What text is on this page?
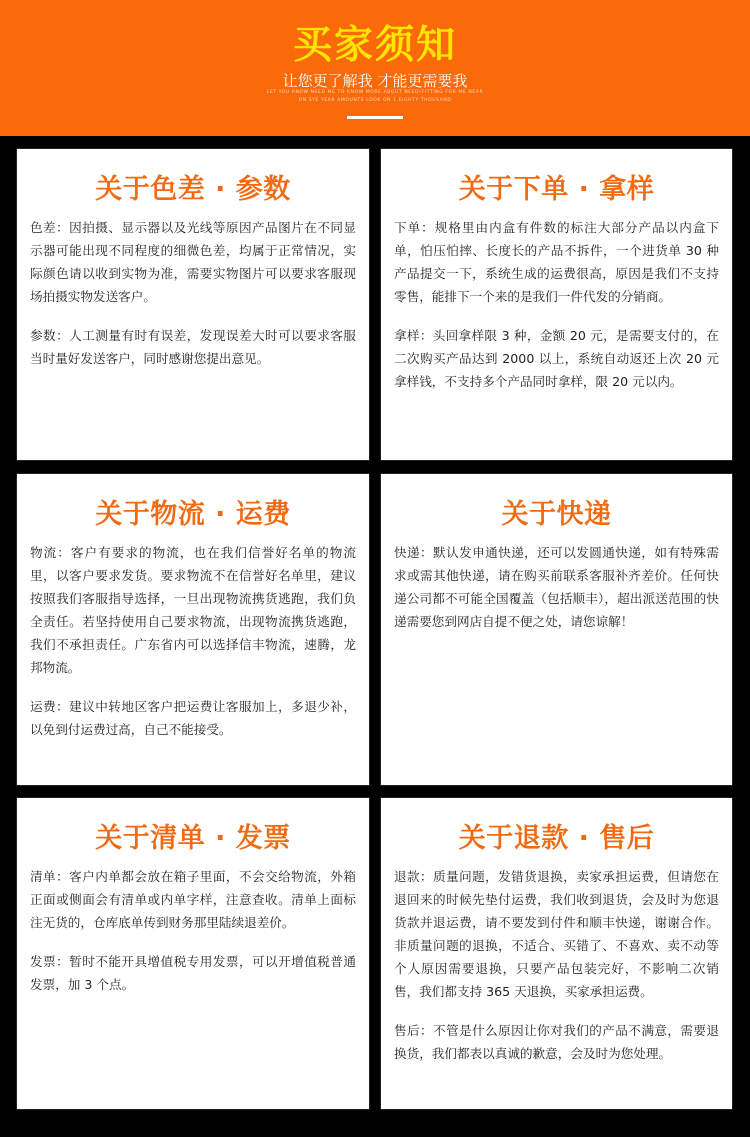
买家须知
让您更了解我 才能更需要我
LET YOU KNOW NEED ME TO KNOW MORE ABOUT NEED(FITTING FOR ME NEAR
ON SYE YEAR AMOUNTS LOOK ON 1 EIGHTY THOUSAND
关于色差 · 参数

色差：因拍摄、显示器以及光线等原因产品图片在不同显示器可能出现不同程度的细微色差，均属于正常情况，实际颜色请以收到实物为准，需要实物图片可以要求客服现场拍摄实物发送客户。

参数：人工测量有时有误差，发现误差大时可以要求客服当时量好发送客户，同时感谢您提出意见。

关于下单 · 拿样

下单：规格里由内盒有件数的标注大部分产品以内盒下单，怕压怕摔、长度长的产品不拆件，一个进货单 30 种产品提交一下，系统生成的运费很高，原因是我们不支持零售，能排下一个来的是我们一件代发的分销商。

拿样：头回拿样限 3 种，金额 20 元，是需要支付的，在二次购买产品达到 2000 以上，系统自动返还上次 20 元拿样钱，不支持多个产品同时拿样，限 20 元以内。

关于物流 · 运费

物流：客户有要求的物流，也在我们信誉好名单的物流里，以客户要求发货。要求物流不在信誉好名单里，建议按照我们客服指导选择，一旦出现物流携货逃跑，我们负全责任。若坚持使用自己要求物流，出现物流携货逃跑，我们不承担责任。广东省内可以选择信丰物流，速腾，龙邦物流。

运费：建议中转地区客户把运费让客服加上，多退少补，以免到付运费过高，自己不能接受。

关于快递

快递：默认发申通快递，还可以发圆通快递，如有特殊需求或需其他快递，请在购买前联系客服补齐差价。任何快递公司都不可能全国覆盖（包括顺丰），超出派送范围的快递需要您到网店自提不便之处，请您谅解！

关于清单 · 发票

清单：客户内单都会放在箱子里面，不会交给物流，外箱正面或侧面会有清单或内单字样，注意查收。清单上面标注无货的，仓库底单传到财务那里陆续退差价。

发票：暂时不能开具增值税专用发票，可以开增值税普通发票，加 3 个点。

关于退款 · 售后

退款：质量问题，发错货退换，卖家承担运费，但请您在退回来的时候先垫付运费，我们收到退货，会及时为您退货款并退运费，请不要发到付件和顺丰快递，谢谢合作。非质量问题的退换，不适合、买错了、不喜欢、卖不动等个人原因需要退换，只要产品包装完好，不影响二次销售，我们都支持 365 天退换，买家承担运费。

售后：不管是什么原因让你对我们的产品不满意，需要退换货，我们都表以真诚的歉意，会及时为您处理。
